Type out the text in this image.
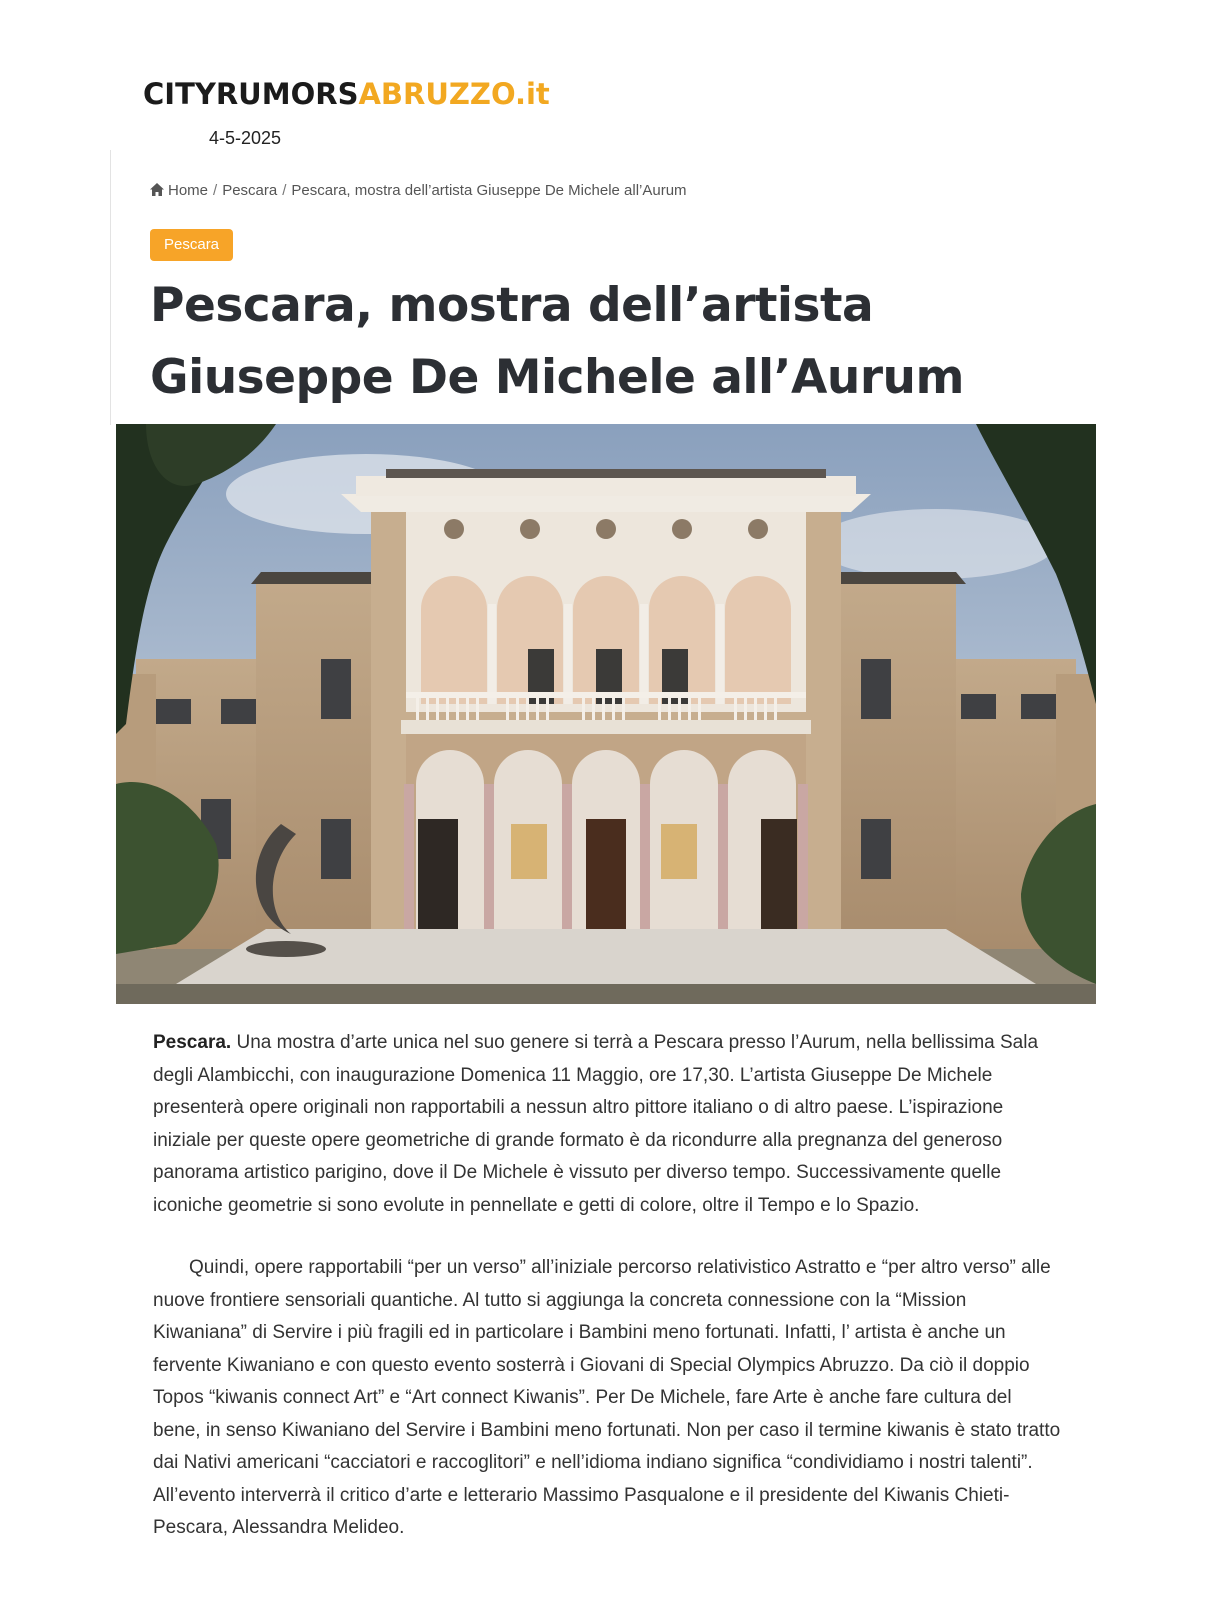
CITYRUMORSABRUZZO.it
4-5-2025
Home / Pescara / Pescara, mostra dell’artista Giuseppe De Michele all’Aurum
Pescara
Pescara, mostra dell’artista Giuseppe De Michele all’Aurum

Pescara. Una mostra d’arte unica nel suo genere si terrà a Pescara presso l’Aurum, nella bellissima Sala degli Alambicchi, con inaugurazione Domenica 11 Maggio, ore 17,30. L’artista Giuseppe De Michele presenterà opere originali non rapportabili a nessun altro pittore italiano o di altro paese. L’ispirazione iniziale per queste opere geometriche di grande formato è da ricondurre alla pregnanza del generoso panorama artistico parigino, dove il De Michele è vissuto per diverso tempo. Successivamente quelle iconiche geometrie si sono evolute in pennellate e getti di colore, oltre il Tempo e lo Spazio.

Quindi, opere rapportabili “per un verso” all’iniziale percorso relativistico Astratto e “per altro verso” alle nuove frontiere sensoriali quantiche. Al tutto si aggiunga la concreta connessione con la “Mission Kiwaniana” di Servire i più fragili ed in particolare i Bambini meno fortunati. Infatti, l’ artista è anche un fervente Kiwaniano e con questo evento sosterrà i Giovani di Special Olympics Abruzzo. Da ciò il doppio Topos “kiwanis connect Art” e “Art connect Kiwanis”. Per De Michele, fare Arte è anche fare cultura del bene, in senso Kiwaniano del Servire i Bambini meno fortunati. Non per caso il termine kiwanis è stato tratto dai Nativi americani “cacciatori e raccoglitori” e nell’idioma indiano significa “condividiamo i nostri talenti”. All’evento interverrà il critico d’arte e letterario Massimo Pasqualone e il presidente del Kiwanis Chieti-Pescara, Alessandra Melideo.
